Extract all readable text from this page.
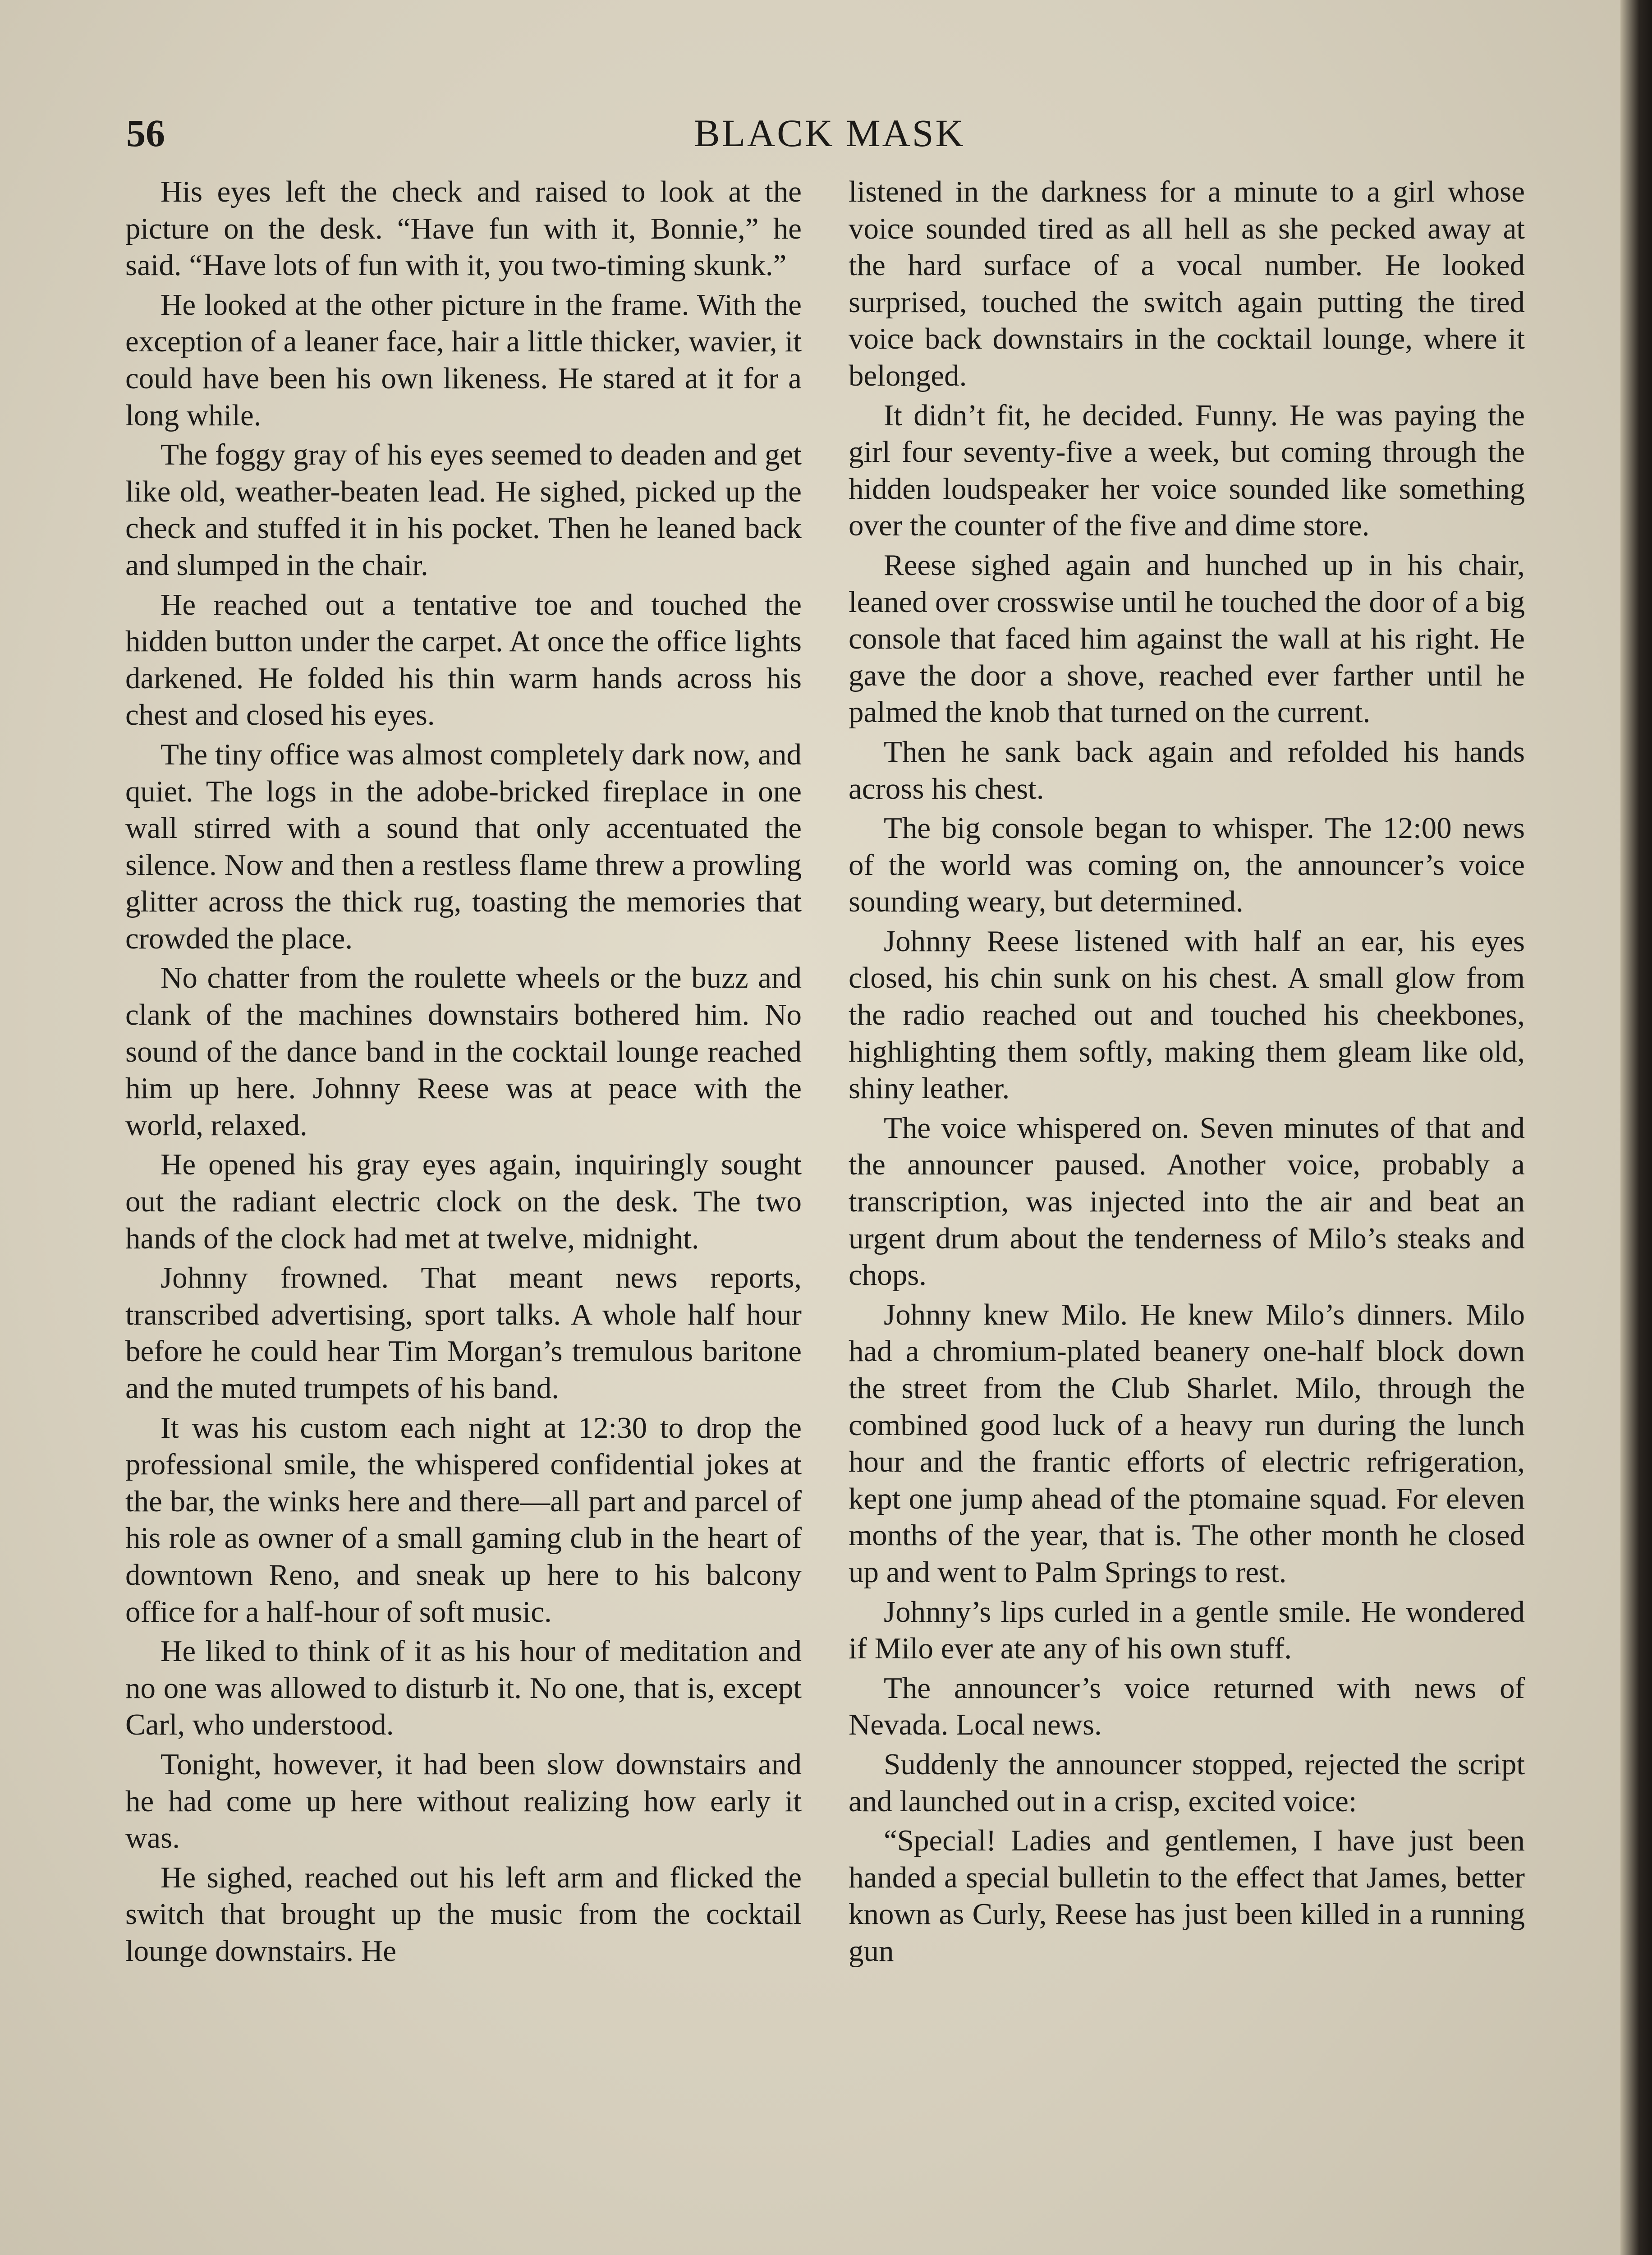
56	BLACK MASK

His eyes left the check and raised to look at the picture on the desk. “Have fun with it, Bonnie,” he said. “Have lots of fun with it, you two-timing skunk.”

He looked at the other picture in the frame. With the exception of a leaner face, hair a little thicker, wavier, it could have been his own likeness. He stared at it for a long while.

The foggy gray of his eyes seemed to deaden and get like old, weather-beaten lead. He sighed, picked up the check and stuffed it in his pocket. Then he leaned back and slumped in the chair.

He reached out a tentative toe and touched the hidden button under the carpet. At once the office lights darkened. He folded his thin warm hands across his chest and closed his eyes.

The tiny office was almost completely dark now, and quiet. The logs in the adobe-bricked fireplace in one wall stirred with a sound that only accentuated the silence. Now and then a restless flame threw a prowling glitter across the thick rug, toasting the memories that crowded the place.

No chatter from the roulette wheels or the buzz and clank of the machines downstairs bothered him. No sound of the dance band in the cocktail lounge reached him up here. Johnny Reese was at peace with the world, relaxed.

He opened his gray eyes again, inquiringly sought out the radiant electric clock on the desk. The two hands of the clock had met at twelve, midnight.

Johnny frowned. That meant news reports, transcribed advertising, sport talks. A whole half hour before he could hear Tim Morgan’s tremulous baritone and the muted trumpets of his band.

It was his custom each night at 12:30 to drop the professional smile, the whispered confidential jokes at the bar, the winks here and there—all part and parcel of his role as owner of a small gaming club in the heart of downtown Reno, and sneak up here to his balcony office for a half-hour of soft music.

He liked to think of it as his hour of meditation and no one was allowed to disturb it. No one, that is, except Carl, who understood.

Tonight, however, it had been slow downstairs and he had come up here without realizing how early it was.

He sighed, reached out his left arm and flicked the switch that brought up the music from the cocktail lounge downstairs. He

listened in the darkness for a minute to a girl whose voice sounded tired as all hell as she pecked away at the hard surface of a vocal number. He looked surprised, touched the switch again putting the tired voice back downstairs in the cocktail lounge, where it belonged.

It didn’t fit, he decided. Funny. He was paying the girl four seventy-five a week, but coming through the hidden loudspeaker her voice sounded like something over the counter of the five and dime store.

Reese sighed again and hunched up in his chair, leaned over crosswise until he touched the door of a big console that faced him against the wall at his right. He gave the door a shove, reached ever farther until he palmed the knob that turned on the current.

Then he sank back again and refolded his hands across his chest.

The big console began to whisper. The 12:00 news of the world was coming on, the announcer’s voice sounding weary, but determined.

Johnny Reese listened with half an ear, his eyes closed, his chin sunk on his chest. A small glow from the radio reached out and touched his cheekbones, highlighting them softly, making them gleam like old, shiny leather.

The voice whispered on. Seven minutes of that and the announcer paused. Another voice, probably a transcription, was injected into the air and beat an urgent drum about the tenderness of Milo’s steaks and chops.

Johnny knew Milo. He knew Milo’s dinners. Milo had a chromium-plated beanery one-half block down the street from the Club Sharlet. Milo, through the combined good luck of a heavy run during the lunch hour and the frantic efforts of electric refrigeration, kept one jump ahead of the ptomaine squad. For eleven months of the year, that is. The other month he closed up and went to Palm Springs to rest.

Johnny’s lips curled in a gentle smile. He wondered if Milo ever ate any of his own stuff.

The announcer’s voice returned with news of Nevada. Local news.

Suddenly the announcer stopped, rejected the script and launched out in a crisp, excited voice:

“Special! Ladies and gentlemen, I have just been handed a special bulletin to the effect that James, better known as Curly, Reese has just been killed in a running gun
